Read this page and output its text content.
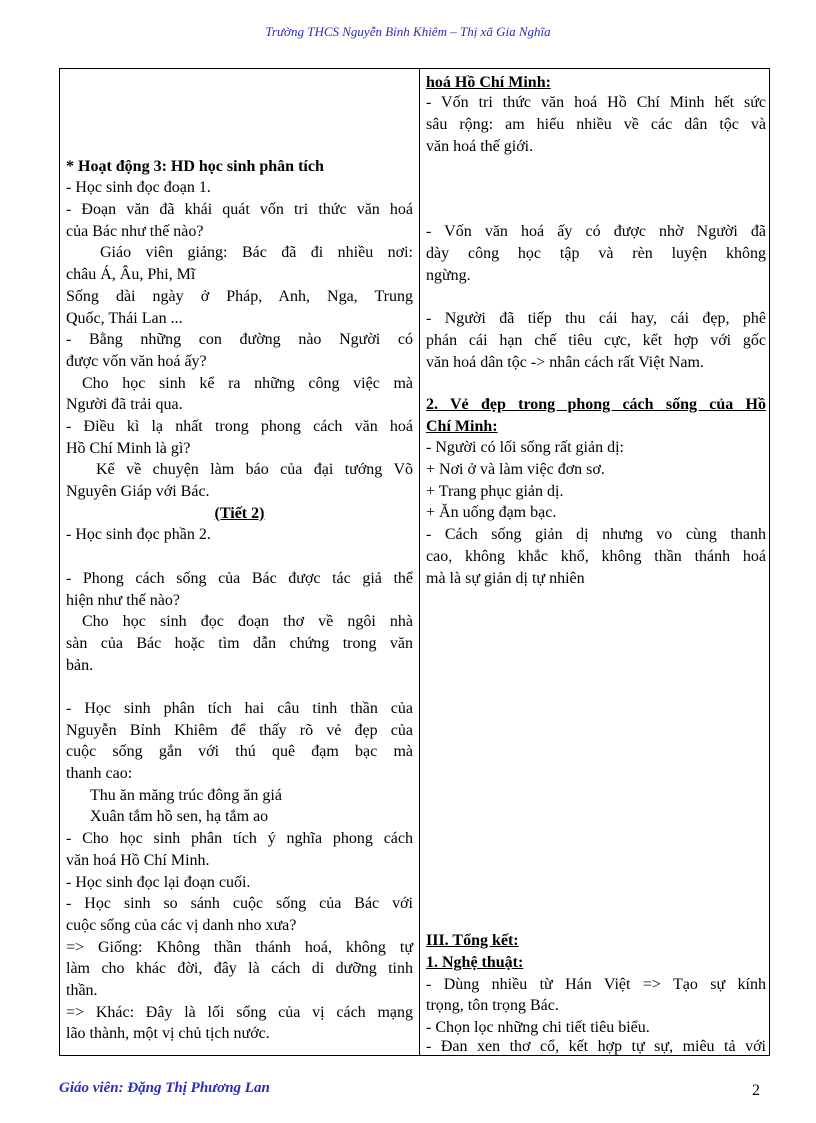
Trường THCS Nguyễn Bỉnh Khiêm – Thị xã Gia Nghĩa
* Hoạt động 3: HD học sinh phân tích
- Học sinh đọc đoạn 1.
- Đoạn văn đã khái quát vốn tri thức văn hoá
của Bác như thế nào?
Giáo viên giảng: Bác đã đi nhiều nơi:
châu Á, Âu, Phi, Mĩ
Sống dài ngày ở Pháp, Anh, Nga, Trung
Quốc, Thái Lan ...
- Bằng những con đường nào Người có
được vốn văn hoá ấy?
Cho học sinh kể ra những công việc mà
Người đã trải qua.
- Điều kì lạ nhất trong phong cách văn hoá
Hồ Chí Minh là gì?
Kể về chuyện làm báo của đại tướng Võ
Nguyên Giáp với Bác.
(Tiết 2)
- Học sinh đọc phần 2.
- Phong cách sống của Bác được tác giả thể
hiện như thế nào?
Cho học sinh đọc đoạn thơ về ngôi nhà
sàn của Bác hoặc tìm dẫn chứng trong văn
bản.
- Học sinh phân tích hai câu tinh thần của
Nguyễn Bỉnh Khiêm để thấy rõ vẻ đẹp của
cuộc sống gắn với thú quê đạm bạc mà
thanh cao:
Thu ăn măng trúc đông ăn giá
Xuân tắm hồ sen, hạ tắm ao
- Cho học sinh phân tích ý nghĩa phong cách
văn hoá Hồ Chí Minh.
- Học sinh đọc lại đoạn cuối.
- Học sinh so sánh cuộc sống của Bác với
cuộc sống của các vị danh nho xưa?
=> Giống: Không thần thánh hoá, không tự
làm cho khác đời, đây là cách di dưỡng tinh
thần.
=> Khác: Đây là lối sống của vị cách mạng
lão thành, một vị chủ tịch nước.
hoá Hồ Chí Minh:
- Vốn tri thức văn hoá Hồ Chí Minh hết sức
sâu rộng: am hiểu nhiều về các dân tộc và
văn hoá thế giới.
- Vốn văn hoá ấy có được nhờ Người đã
dày công học tập và rèn luyện không
ngừng.
- Người đã tiếp thu cái hay, cái đẹp, phê
phán cái hạn chế tiêu cực, kết hợp với gốc
văn hoá dân tộc -> nhân cách rất Việt Nam.
2. Vẻ đẹp trong phong cách sống của Hồ
Chí Minh:
- Người có lối sống rất giản dị:
+ Nơi ở và làm việc đơn sơ.
+ Trang phục giản dị.
+ Ăn uống đạm bạc.
- Cách sống giản dị nhưng vo cùng thanh
cao, không khắc khổ, không thần thánh hoá
mà là sự giản dị tự nhiên
III. Tổng kết:
1. Nghệ thuật:
- Dùng nhiều từ Hán Việt => Tạo sự kính
trọng, tôn trọng Bác.
- Chọn lọc những chi tiết tiêu biểu.
- Đan xen thơ cổ, kết hợp tự sự, miêu tả với
Giáo viên: Đặng Thị Phương Lan	2
